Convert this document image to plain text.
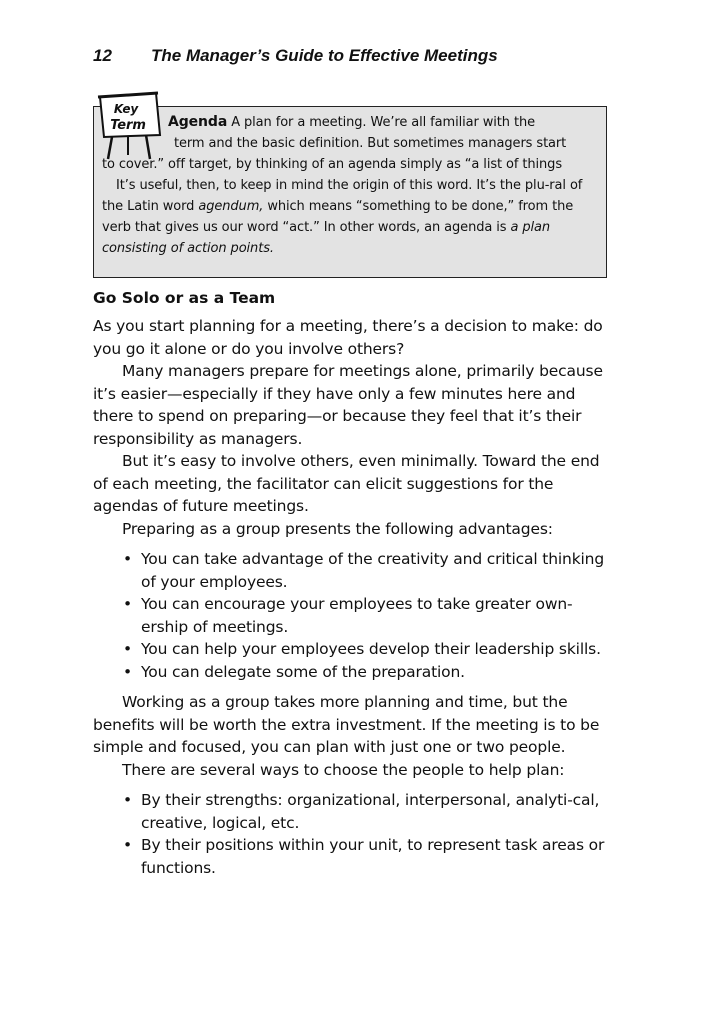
12 The Manager’s Guide to Effective Meetings
Key
Term Agenda A plan for a meeting. We’re all familiar with the
term and the basic definition. But sometimes managers start
off target, by thinking of an agenda simply as “a list of things

to cover.”

It’s useful, then, to keep in mind the origin of this word. It’s the plu-ral of the Latin word agendum, which means “something to be done,” from the verb that gives us our word “act.” In other words, an agenda is a plan consisting of action points.

Go Solo or as a Team

As you start planning for a meeting, there’s a decision to make: do you go it alone or do you involve others?

Many managers prepare for meetings alone, primarily because it’s easier—especially if they have only a few minutes here and there to spend on preparing—or because they feel that it’s their responsibility as managers.

But it’s easy to involve others, even minimally. Toward the end of each meeting, the facilitator can elicit suggestions for the agendas of future meetings.

Preparing as a group presents the following advantages:

• You can take advantage of the creativity and critical thinking of your employees.
• You can encourage your employees to take greater own-ership of meetings.
• You can help your employees develop their leadership skills.
• You can delegate some of the preparation.

Working as a group takes more planning and time, but the benefits will be worth the extra investment. If the meeting is to be simple and focused, you can plan with just one or two people.

There are several ways to choose the people to help plan:

• By their strengths: organizational, interpersonal, analyti-cal, creative, logical, etc.
• By their positions within your unit, to represent task areas or functions.
